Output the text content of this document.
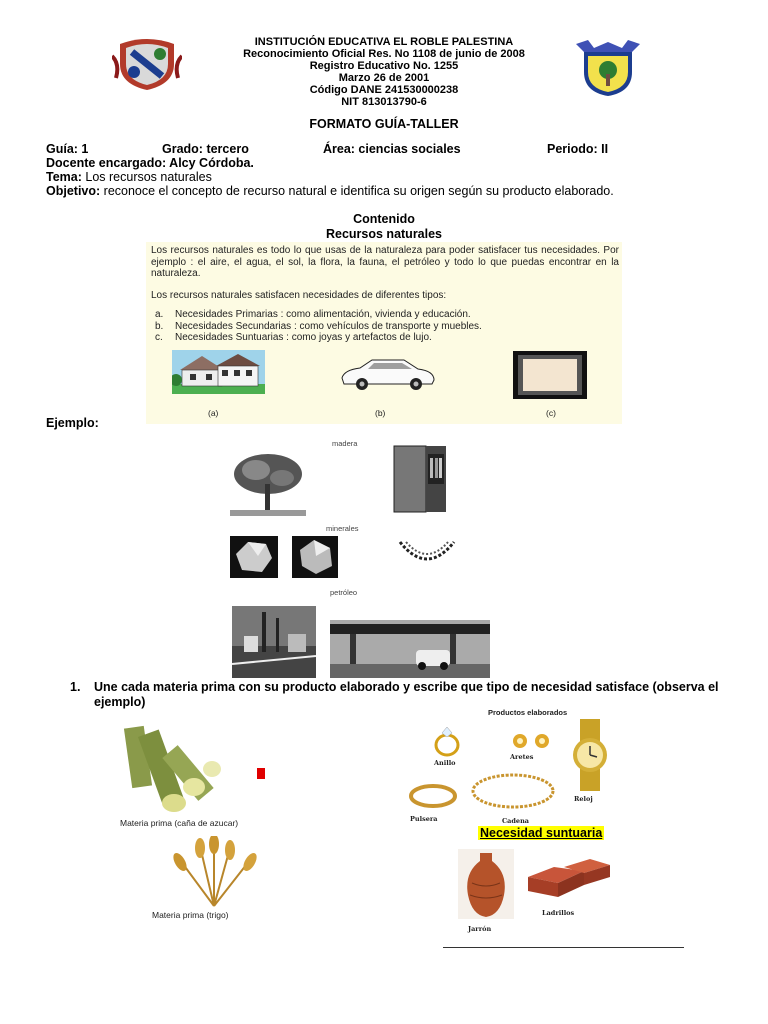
INSTITUCIÓN EDUCATIVA EL ROBLE PALESTINA
Reconocimiento Oficial Res. No 1108 de junio de 2008
Registro Educativo No. 1255
Marzo 26 de 2001
Código DANE 241530000238
NIT 813013790-6
FORMATO GUÍA-TALLER
Guía: 1	Grado: tercero	Área: ciencias sociales	Periodo: II
Docente encargado: Alcy Córdoba.
Tema: Los recursos naturales
Objetivo: reconoce el concepto de recurso natural e identifica su origen según su producto elaborado.
Contenido
Recursos naturales

Los recursos naturales es todo lo que usas de la naturaleza para poder satisfacer tus necesidades. Por ejemplo : el aire, el agua, el sol, la flora, la fauna, el petróleo y todo lo que puedas encontrar en la naturaleza.

Los recursos naturales satisfacen necesidades de diferentes tipos:

a.	Necesidades Primarias : como alimentación, vivienda y educación.
b.	Necesidades Secundarias : como vehículos de transporte y muebles.
c.	Necesidades Suntuarias : como joyas y artefactos de lujo.
(a)	(b)	(c)
Ejemplo:
madera
minerales
petróleo
1.	Une cada materia prima con su producto elaborado y escribe que tipo de necesidad satisface (observa el ejemplo)
Materia prima (caña de azucar)
Materia prima (trigo)
Productos elaborados
Anillo
Aretes
Reloj
Pulsera	Cadena
Jarrón
Ladrillos
Necesidad suntuaria
